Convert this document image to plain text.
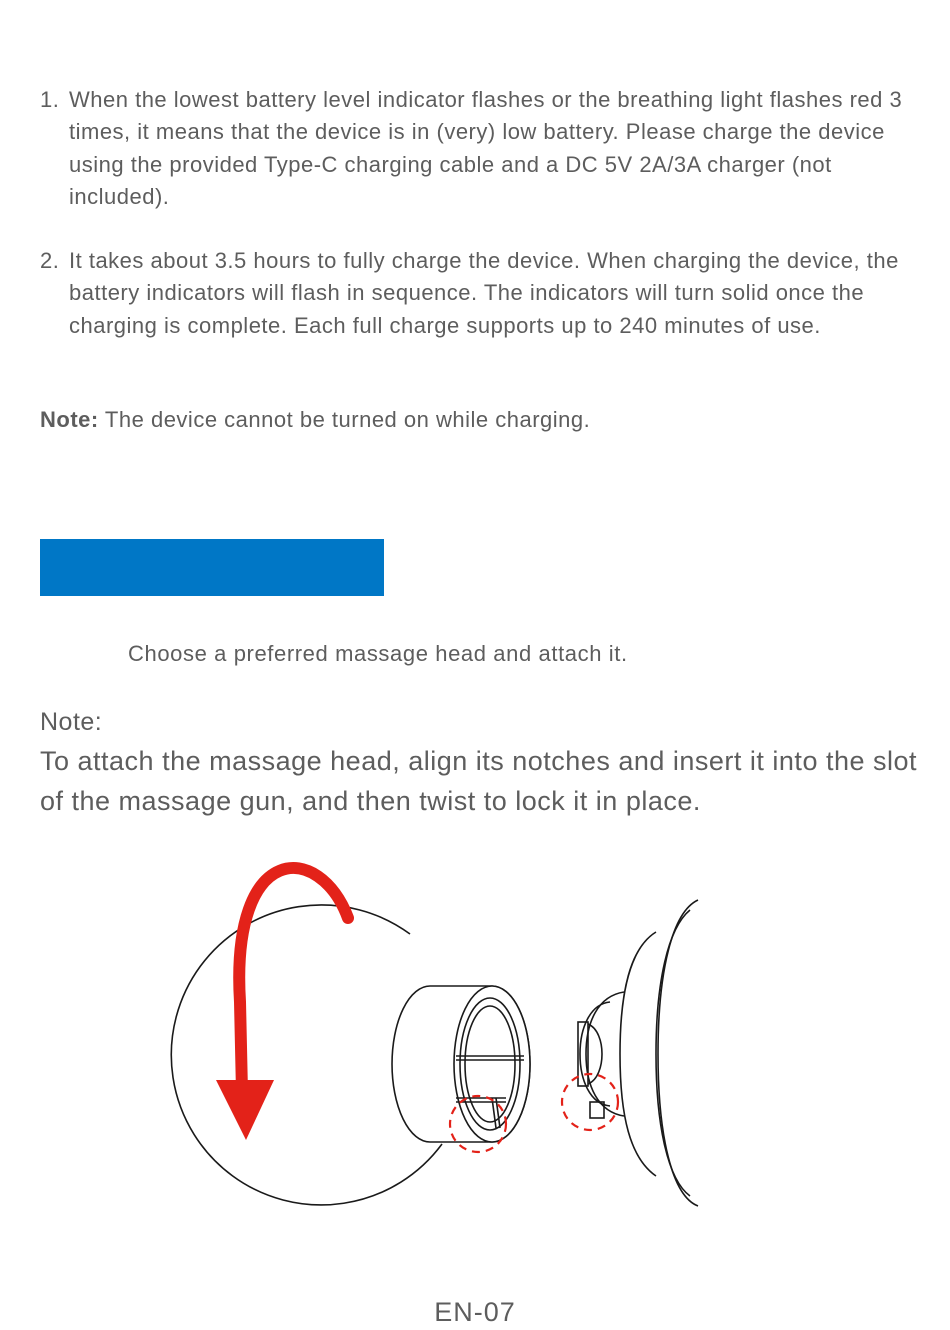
1. When the lowest battery level indicator flashes or the breathing light flashes red 3 times, it means that the device is in (very) low battery. Please charge the device using the provided Type-C charging cable and a DC 5V 2A/3A charger (not included).
2. It takes about 3.5 hours to fully charge the device. When charging the device, the battery indicators will flash in sequence. The indicators will turn solid once the charging is complete. Each full charge supports up to 240 minutes of use.
Note: The device cannot be turned on while charging.
Choose a preferred massage head and attach it.
Note:
To attach the massage head, align its notches and insert it into the slot of the massage gun, and then twist to lock it in place.
EN-07
